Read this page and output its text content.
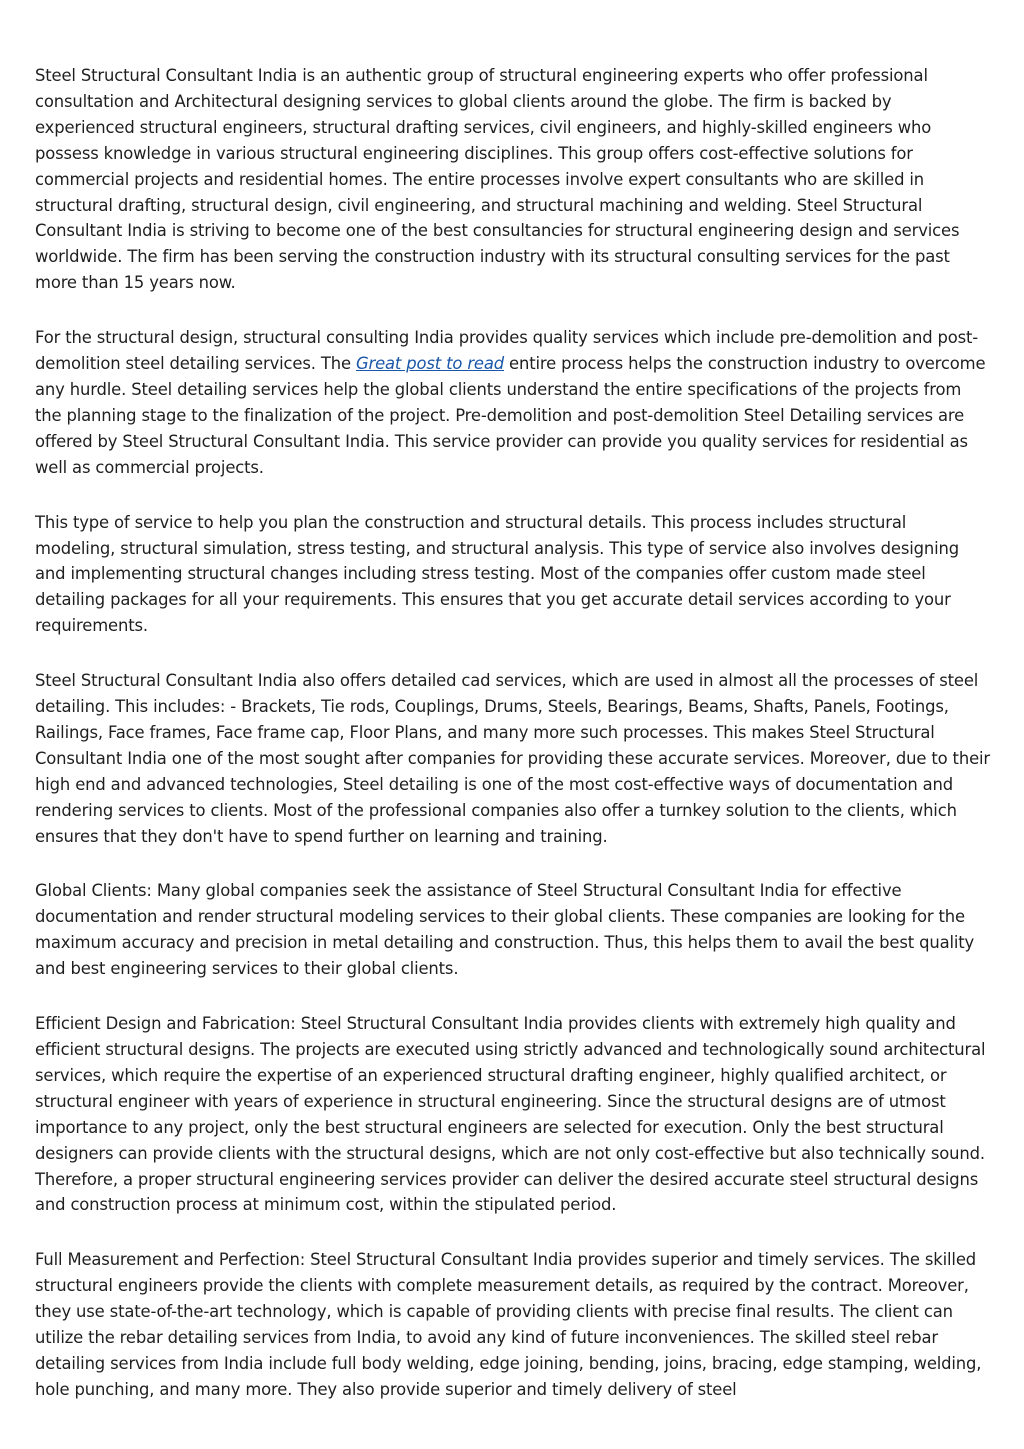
Steel Structural Consultant India is an authentic group of structural engineering experts who offer professional consultation and Architectural designing services to global clients around the globe. The firm is backed by experienced structural engineers, structural drafting services, civil engineers, and highly-skilled engineers who possess knowledge in various structural engineering disciplines. This group offers cost-effective solutions for commercial projects and residential homes. The entire processes involve expert consultants who are skilled in structural drafting, structural design, civil engineering, and structural machining and welding. Steel Structural Consultant India is striving to become one of the best consultancies for structural engineering design and services worldwide. The firm has been serving the construction industry with its structural consulting services for the past more than 15 years now.

For the structural design, structural consulting India provides quality services which include pre-demolition and post-demolition steel detailing services. The Great post to read entire process helps the construction industry to overcome any hurdle. Steel detailing services help the global clients understand the entire specifications of the projects from the planning stage to the finalization of the project. Pre-demolition and post-demolition Steel Detailing services are offered by Steel Structural Consultant India. This service provider can provide you quality services for residential as well as commercial projects.

This type of service to help you plan the construction and structural details. This process includes structural modeling, structural simulation, stress testing, and structural analysis. This type of service also involves designing and implementing structural changes including stress testing. Most of the companies offer custom made steel detailing packages for all your requirements. This ensures that you get accurate detail services according to your requirements.

Steel Structural Consultant India also offers detailed cad services, which are used in almost all the processes of steel detailing. This includes: - Brackets, Tie rods, Couplings, Drums, Steels, Bearings, Beams, Shafts, Panels, Footings, Railings, Face frames, Face frame cap, Floor Plans, and many more such processes. This makes Steel Structural Consultant India one of the most sought after companies for providing these accurate services. Moreover, due to their high end and advanced technologies, Steel detailing is one of the most cost-effective ways of documentation and rendering services to clients. Most of the professional companies also offer a turnkey solution to the clients, which ensures that they don't have to spend further on learning and training.

Global Clients: Many global companies seek the assistance of Steel Structural Consultant India for effective documentation and render structural modeling services to their global clients. These companies are looking for the maximum accuracy and precision in metal detailing and construction. Thus, this helps them to avail the best quality and best engineering services to their global clients.

Efficient Design and Fabrication: Steel Structural Consultant India provides clients with extremely high quality and efficient structural designs. The projects are executed using strictly advanced and technologically sound architectural services, which require the expertise of an experienced structural drafting engineer, highly qualified architect, or structural engineer with years of experience in structural engineering. Since the structural designs are of utmost importance to any project, only the best structural engineers are selected for execution. Only the best structural designers can provide clients with the structural designs, which are not only cost-effective but also technically sound. Therefore, a proper structural engineering services provider can deliver the desired accurate steel structural designs and construction process at minimum cost, within the stipulated period.

Full Measurement and Perfection: Steel Structural Consultant India provides superior and timely services. The skilled structural engineers provide the clients with complete measurement details, as required by the contract. Moreover, they use state-of-the-art technology, which is capable of providing clients with precise final results. The client can utilize the rebar detailing services from India, to avoid any kind of future inconveniences. The skilled steel rebar detailing services from India include full body welding, edge joining, bending, joins, bracing, edge stamping, welding, hole punching, and many more. They also provide superior and timely delivery of steel
